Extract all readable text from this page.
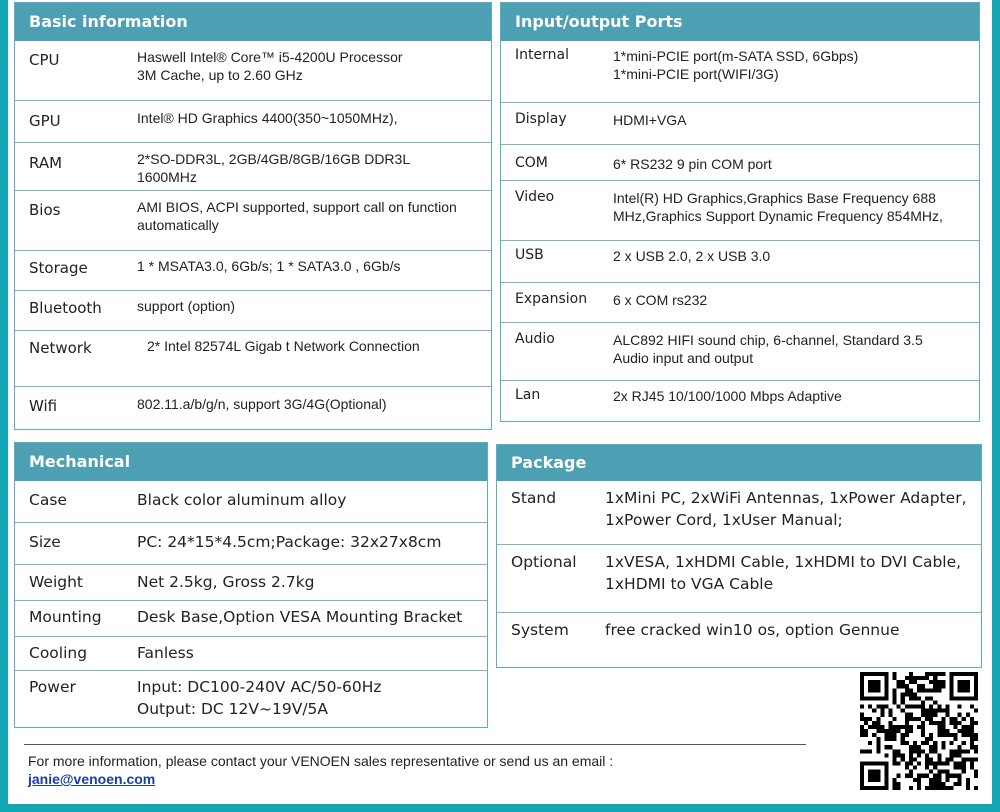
Basic information
CPU	Haswell Intel® Core™ i5-4200U Processor
3M Cache, up to 2.60 GHz
GPU	Intel® HD Graphics 4400(350~1050MHz),
RAM	2*SO-DDR3L, 2GB/4GB/8GB/16GB DDR3L
1600MHz
Bios	AMI BIOS, ACPI supported, support call on function
automatically
Storage	1 * MSATA3.0, 6Gb/s; 1 * SATA3.0 , 6Gb/s
Bluetooth	support (option)
Network	2* Intel 82574L Gigab t Network Connection
Wifi	802.11.a/b/g/n, support 3G/4G(Optional)
Input/output Ports
Internal	1*mini-PCIE port(m-SATA SSD, 6Gbps)
1*mini-PCIE port(WIFI/3G)
Display	HDMI+VGA
COM	6* RS232 9 pin COM port
Video	Intel(R) HD Graphics,Graphics Base Frequency 688
MHz,Graphics Support Dynamic Frequency 854MHz,
USB	2 x USB 2.0, 2 x USB 3.0
Expansion 6 x COM rs232
Audio	ALC892 HIFI sound chip, 6-channel, Standard 3.5
Audio input and output
Lan	2x RJ45 10/100/1000 Mbps Adaptive
Mechanical
Case	Black color aluminum alloy
Size	PC: 24*15*4.5cm;Package: 32x27x8cm
Weight	Net 2.5kg, Gross 2.7kg
Mounting Desk Base,Option VESA Mounting Bracket
Cooling	Fanless
Power	Input: DC100-240V AC/50-60Hz
Output: DC 12V~19V/5A
Package
Stand	1xMini PC, 2xWiFi Antennas, 1xPower Adapter,
1xPower Cord, 1xUser Manual;
Optional 1xVESA, 1xHDMI Cable, 1xHDMI to DVI Cable,
1xHDMI to VGA Cable
System free cracked win10 os, option Gennue
For more information, please contact your VENOEN sales representative or send us an email :
janie@venoen.com
